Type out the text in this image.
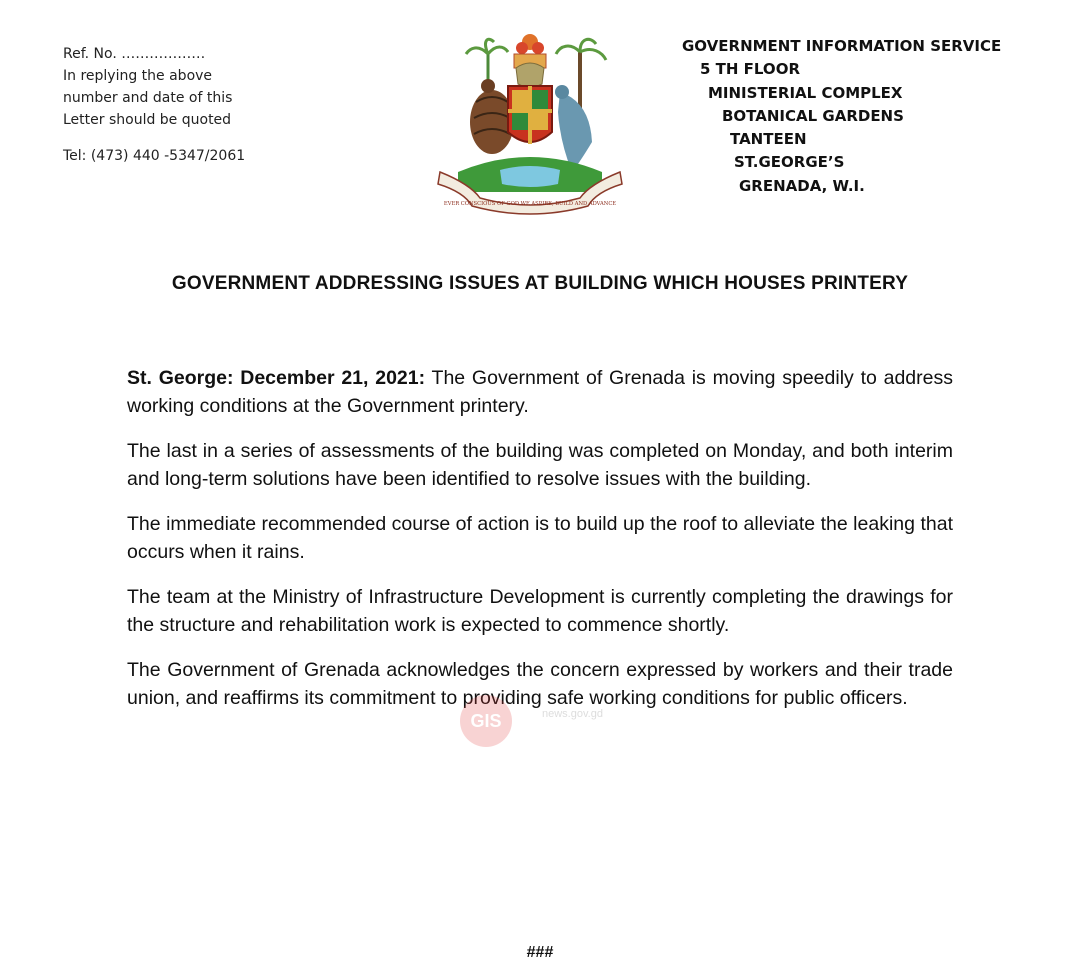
Ref. No. ………………
In replying the above
number and date of this
Letter should be quoted
Tel: (473) 440 -5347/2061
EVER CONSCIOUS OF GOD WE ASPIRE, BUILD AND ADVANCE
GOVERNMENT INFORMATION SERVICE
5 TH FLOOR
MINISTERIAL COMPLEX
BOTANICAL GARDENS
TANTEEN
ST.GEORGE’S
GRENADA, W.I.
GOVERNMENT ADDRESSING ISSUES AT BUILDING WHICH HOUSES PRINTERY

St. George: December 21, 2021: The Government of Grenada is moving speedily to address working conditions at the Government printery.

The last in a series of assessments of the building was completed on Monday, and both interim and long-term solutions have been identified to resolve issues with the building.

The immediate recommended course of action is to build up the roof to alleviate the leaking that occurs when it rains.

The team at the Ministry of Infrastructure Development is currently completing the drawings for the structure and rehabilitation work is expected to commence shortly.

The Government of Grenada acknowledges the concern expressed by workers and their trade union, and reaffirms its commitment to providing safe working conditions for public officers.

GIS	news.gov.gd
###
